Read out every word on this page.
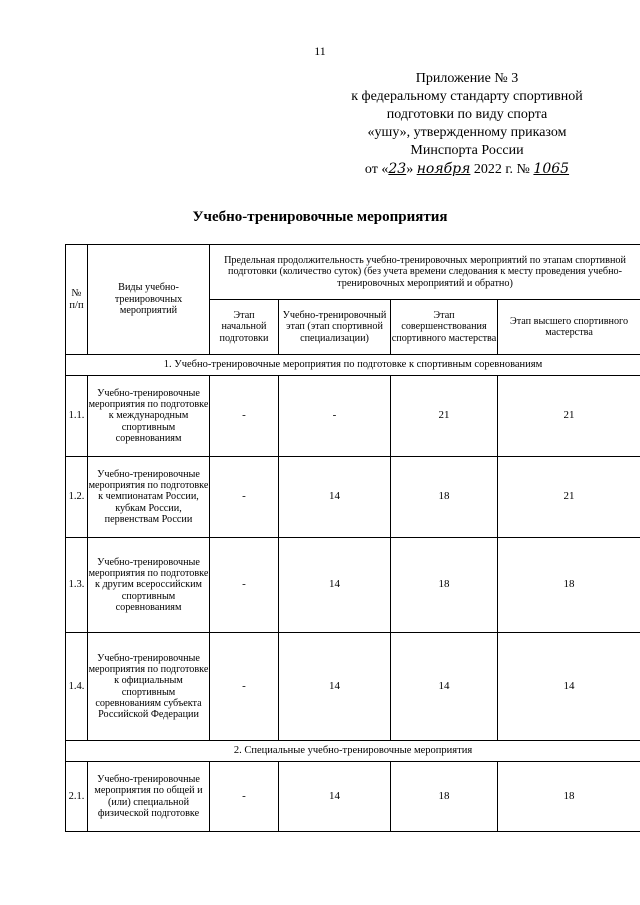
11
Приложение № 3
к федеральному стандарту спортивной
подготовки по виду спорта
«ушу», утвержденному приказом
Минспорта России
от «23» ноября 2022 г. № 1065
Учебно-тренировочные мероприятия
№ п/п	Виды учебно-тренировочных мероприятий	Предельная продолжительность учебно-тренировочных мероприятий по этапам спортивной подготовки (количество суток) (без учета времени следования к месту проведения учебно-тренировочных мероприятий и обратно)			
		Этап начальной подготовки	Учебно-тренировочный этап (этап спортивной специализации)	Этап совершенствования спортивного мастерства	Этап высшего спортивного мастерства
1. Учебно-тренировочные мероприятия по подготовке к спортивным соревнованиям					
1.1.	Учебно-тренировочные мероприятия по подготовке к международным спортивным соревнованиям	-	-	21	21
1.2.	Учебно-тренировочные мероприятия по подготовке к чемпионатам России, кубкам России, первенствам России	-	14	18	21
1.3.	Учебно-тренировочные мероприятия по подготовке к другим всероссийским спортивным соревнованиям	-	14	18	18
1.4.	Учебно-тренировочные мероприятия по подготовке к официальным спортивным соревнованиям субъекта Российской Федерации	-	14	14	14
2. Специальные учебно-тренировочные мероприятия					
2.1.	Учебно-тренировочные мероприятия по общей и (или) специальной физической подготовке	-	14	18	18
